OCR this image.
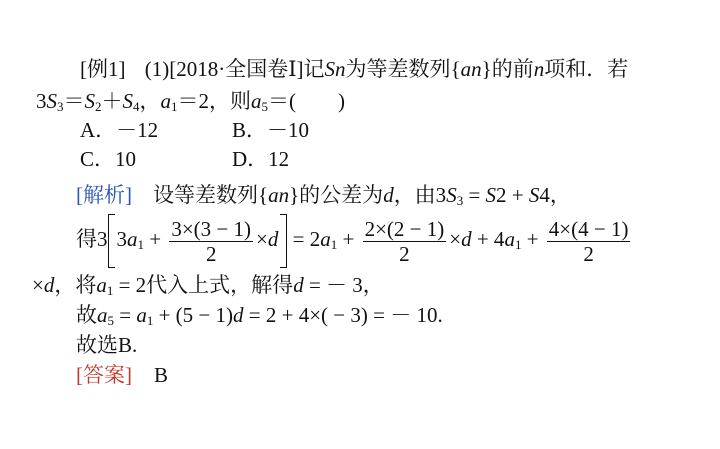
[例1] (1)[2018·全国卷Ⅰ]记Sn为等差数列{an}的前n项和．若
$3S_3=S_2+S_4$，$a_1=2$，则$a_5=$(　　)
A．－12	B．－10
C．10	D．12
[解析]　设等差数列{an}的公差为d，由$3S_3 = S2 + S4$，
得3 $3a_1 + \frac{3\times(3 - 1)}{2} \times d = 2a_1 + \frac{2\times(2 - 1)}{2} \times d + 4a_1 + \frac{4\times(4 - 1)}{2}$
×d，将$a_1 = 2$代入上式，解得d = － 3，
故$a_5 = a_1 + (5 - 1)d = 2 + 4\times( - 3)$ = － 10.
故选B.
[答案] B
